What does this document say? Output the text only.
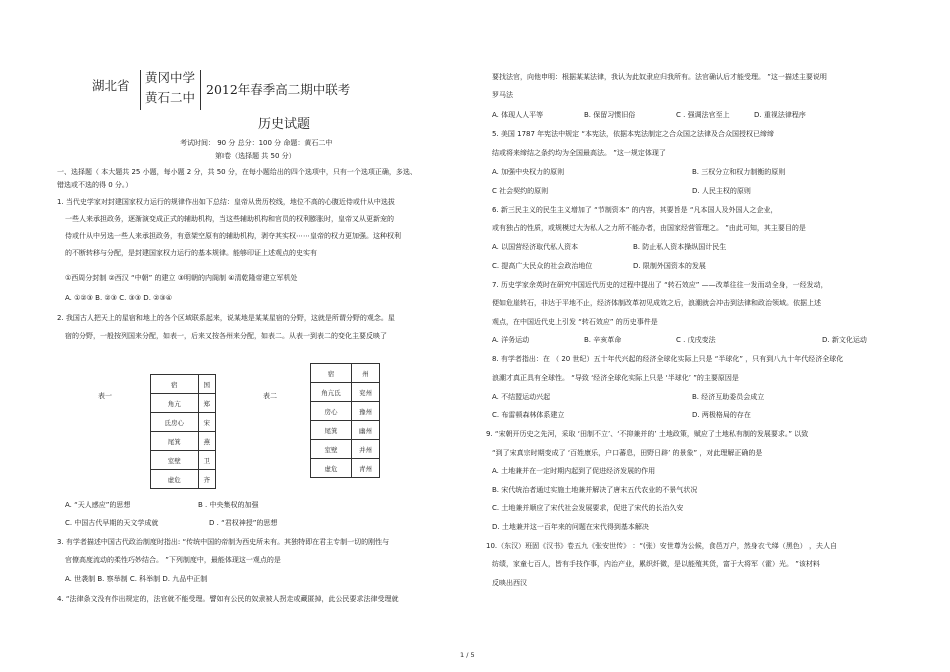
湖北省
黄冈中学
黄石二中
2012年春季高二期中联考
历史试题
考试时间： 90 分 总分：100 分 命题：黄石二中
第Ⅰ卷（选择题 共 50 分）
一、选择题（ 本大题共 25 小题，每小题 2 分，共 50 分，在每小题给出的四个选项中，只有一个选项正确，多选、
错选或不选的得 0 分。）
1. 当代史学家对封建国家权力运行的规律作出如下总结：皇帝从贵历校线，地位不高的心腹近侍或什从中选拔
一些人来承担政务，逐渐演变成正式的辅助机构，当这些辅助机构和官员的权利膨胀时，皇帝又从更新宠的
侍或什从中另选一些人来承担政务，有意架空原有的辅助机构，剥夺其实权⋯⋯皇帝的权力更加强。这种权利
的不断转移与分配，是封建国家权力运行的基本规律。能够印证上述观点的史实有
①西周分封制 ②西汉 “中朝” 的建立 ③明朝的内阁制 ④清乾隆帝建立军机处
A. ①②③ B. ②③ C. ③③ D. ②③④
2. 我国古人把天上的星宿和地上的各个区域联系起来，说某地是某某星宿的分野，这就是所谓分野的观念。星
宿的分野，一般按列国来分配，如表一，后来又按各州来分配，如表二。从表一到表二的变化主要反映了
表一
宿	国
角亢	郑
氐房心	宋
尾箕	燕
室壁	卫
虚危	齐
表二
宿	州
角亢氐	兖州
房心	豫州
尾箕	幽州
室壁	并州
虚危	青州
A. “天人感应”的思想	B . 中央集权的加强
C. 中国古代早期的天文学成就	D . “君权神授”的思想
3. 有学者描述中国古代政治制度时指出: “传统中国的帝制为西史所未有。其独特即在君主专制一切的刚性与
官僚高度流动的柔性巧妙结合。 ”下列制度中，最能体现这一观点的是
A. 世袭制 B. 察举制 C. 科举制 D. 九品中正制
4. “法律条文没有作出规定的，法官就不能受理。譬如有公民的奴隶被人拐走或藏匿掉，此公民要求法律受理就
要找法官，向他申明：根据某某法律，我认为此奴隶应归我所有。法官确认后才能受理。 ”这一描述主要说明
罗马法
A. 体现人人平等	B. 保留习惯旧俗	C . 强调法官至上	D. 重视法律程序
5. 美国 1787 年宪法中规定 “本宪法，依据本宪法制定之合众国之法律及合众国授权已缔缔
结或将来缔结之条约均为全国最高法。 ”这一规定体现了
A. 加强中央权力的原则	B. 三权分立和权力制衡的原则
C 社会契约的原则	D. 人民主权的原则
6. 新三民主义的民生主义增加了 “节制资本” 的内容，其要旨是 “凡本国人及外国人之企业，
或有独占的性质，或规模过大为私人之力所不能办者，由国家经营管理之。 ”由此可知，其主要目的是
A. 以国营经济取代私人资本	B. 防止私人资本操纵国计民生
C. 提高广大民众的社会政治地位	D. 限制外国资本的发展
7. 历史学家余英时在研究中国近代历史的过程中提出了 “转石效应” ——改革往往一发而动全身，一经发动，
便如危崖转石，非达于平地不止，经济体制改革初见成效之后，浪潮就会冲击到法律和政治领域。依据上述
观点，在中国近代史上引发 “转石效应” 的历史事件是
A. 洋务运动	B. 辛亥革命	C . 戊戌变法	D. 新文化运动
8. 有学者指出：在 （ 20 世纪）五十年代兴起的经济全球化实际上只是 “半球化” ，只有到八九十年代经济全球化
浪潮才真正具有全球性。 “导致 ‘经济全球化实际上只是 ‘半球化’ ”的主要原因是
A. 不结盟运动兴起	B. 经济互助委员会成立
C. 布雷顿森林体系建立	D. 两极格局的存在
9. “宋朝开历史之先河，采取 ‘田制不立’、‘不抑兼并的’ 土地政策，赋应了土地私有制的发展要求。” 以致
“到了宋真宗时期变成了 ‘百姓康乐，户口蕃息，田野日辟’ 的景象” ，对此理解正确的是
A. 土地兼并在一定时期内起到了促进经济发展的作用
B. 宋代统治者通过实施土地兼并解决了唐末五代农业的不景气状况
C. 土地兼并顺应了宋代社会发展要求，促进了宋代的长治久安
D. 土地兼并这一百年来的问题在宋代得到基本解决
10.（东汉）班固《汉书》卷五九《张安世传》 ：“(张）安世尊为公候，食邑万户，然身衣弋绨（黑色） ，夫人自
纺绩，家童七百人，皆有手技作事，内治产业，累织纤微，是以能殖其货，富于大将军（霍）光。 ”该材料
反映出西汉
1 / 5
